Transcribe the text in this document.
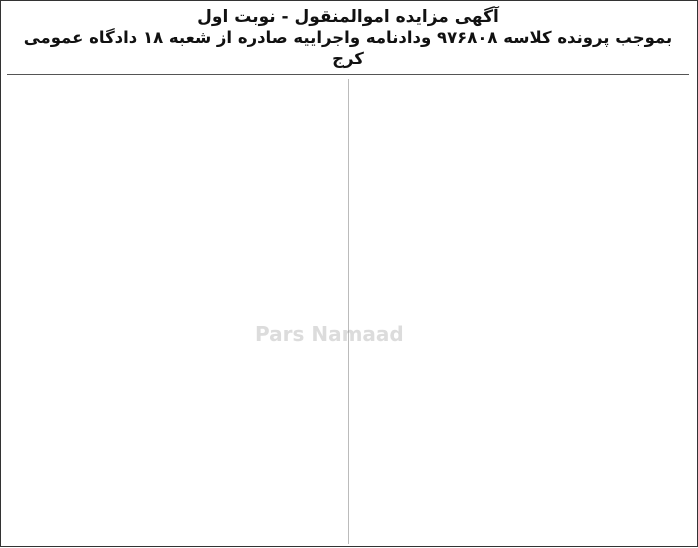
آگهی مزایده اموالمنقول - نوبت اول
بموجب پرونده کلاسه ۹۷۶۸۰۸ ودادنامه واجراییه صادره از شعبه ۱۸ دادگاه عمومی کرج
Pars Namaad
